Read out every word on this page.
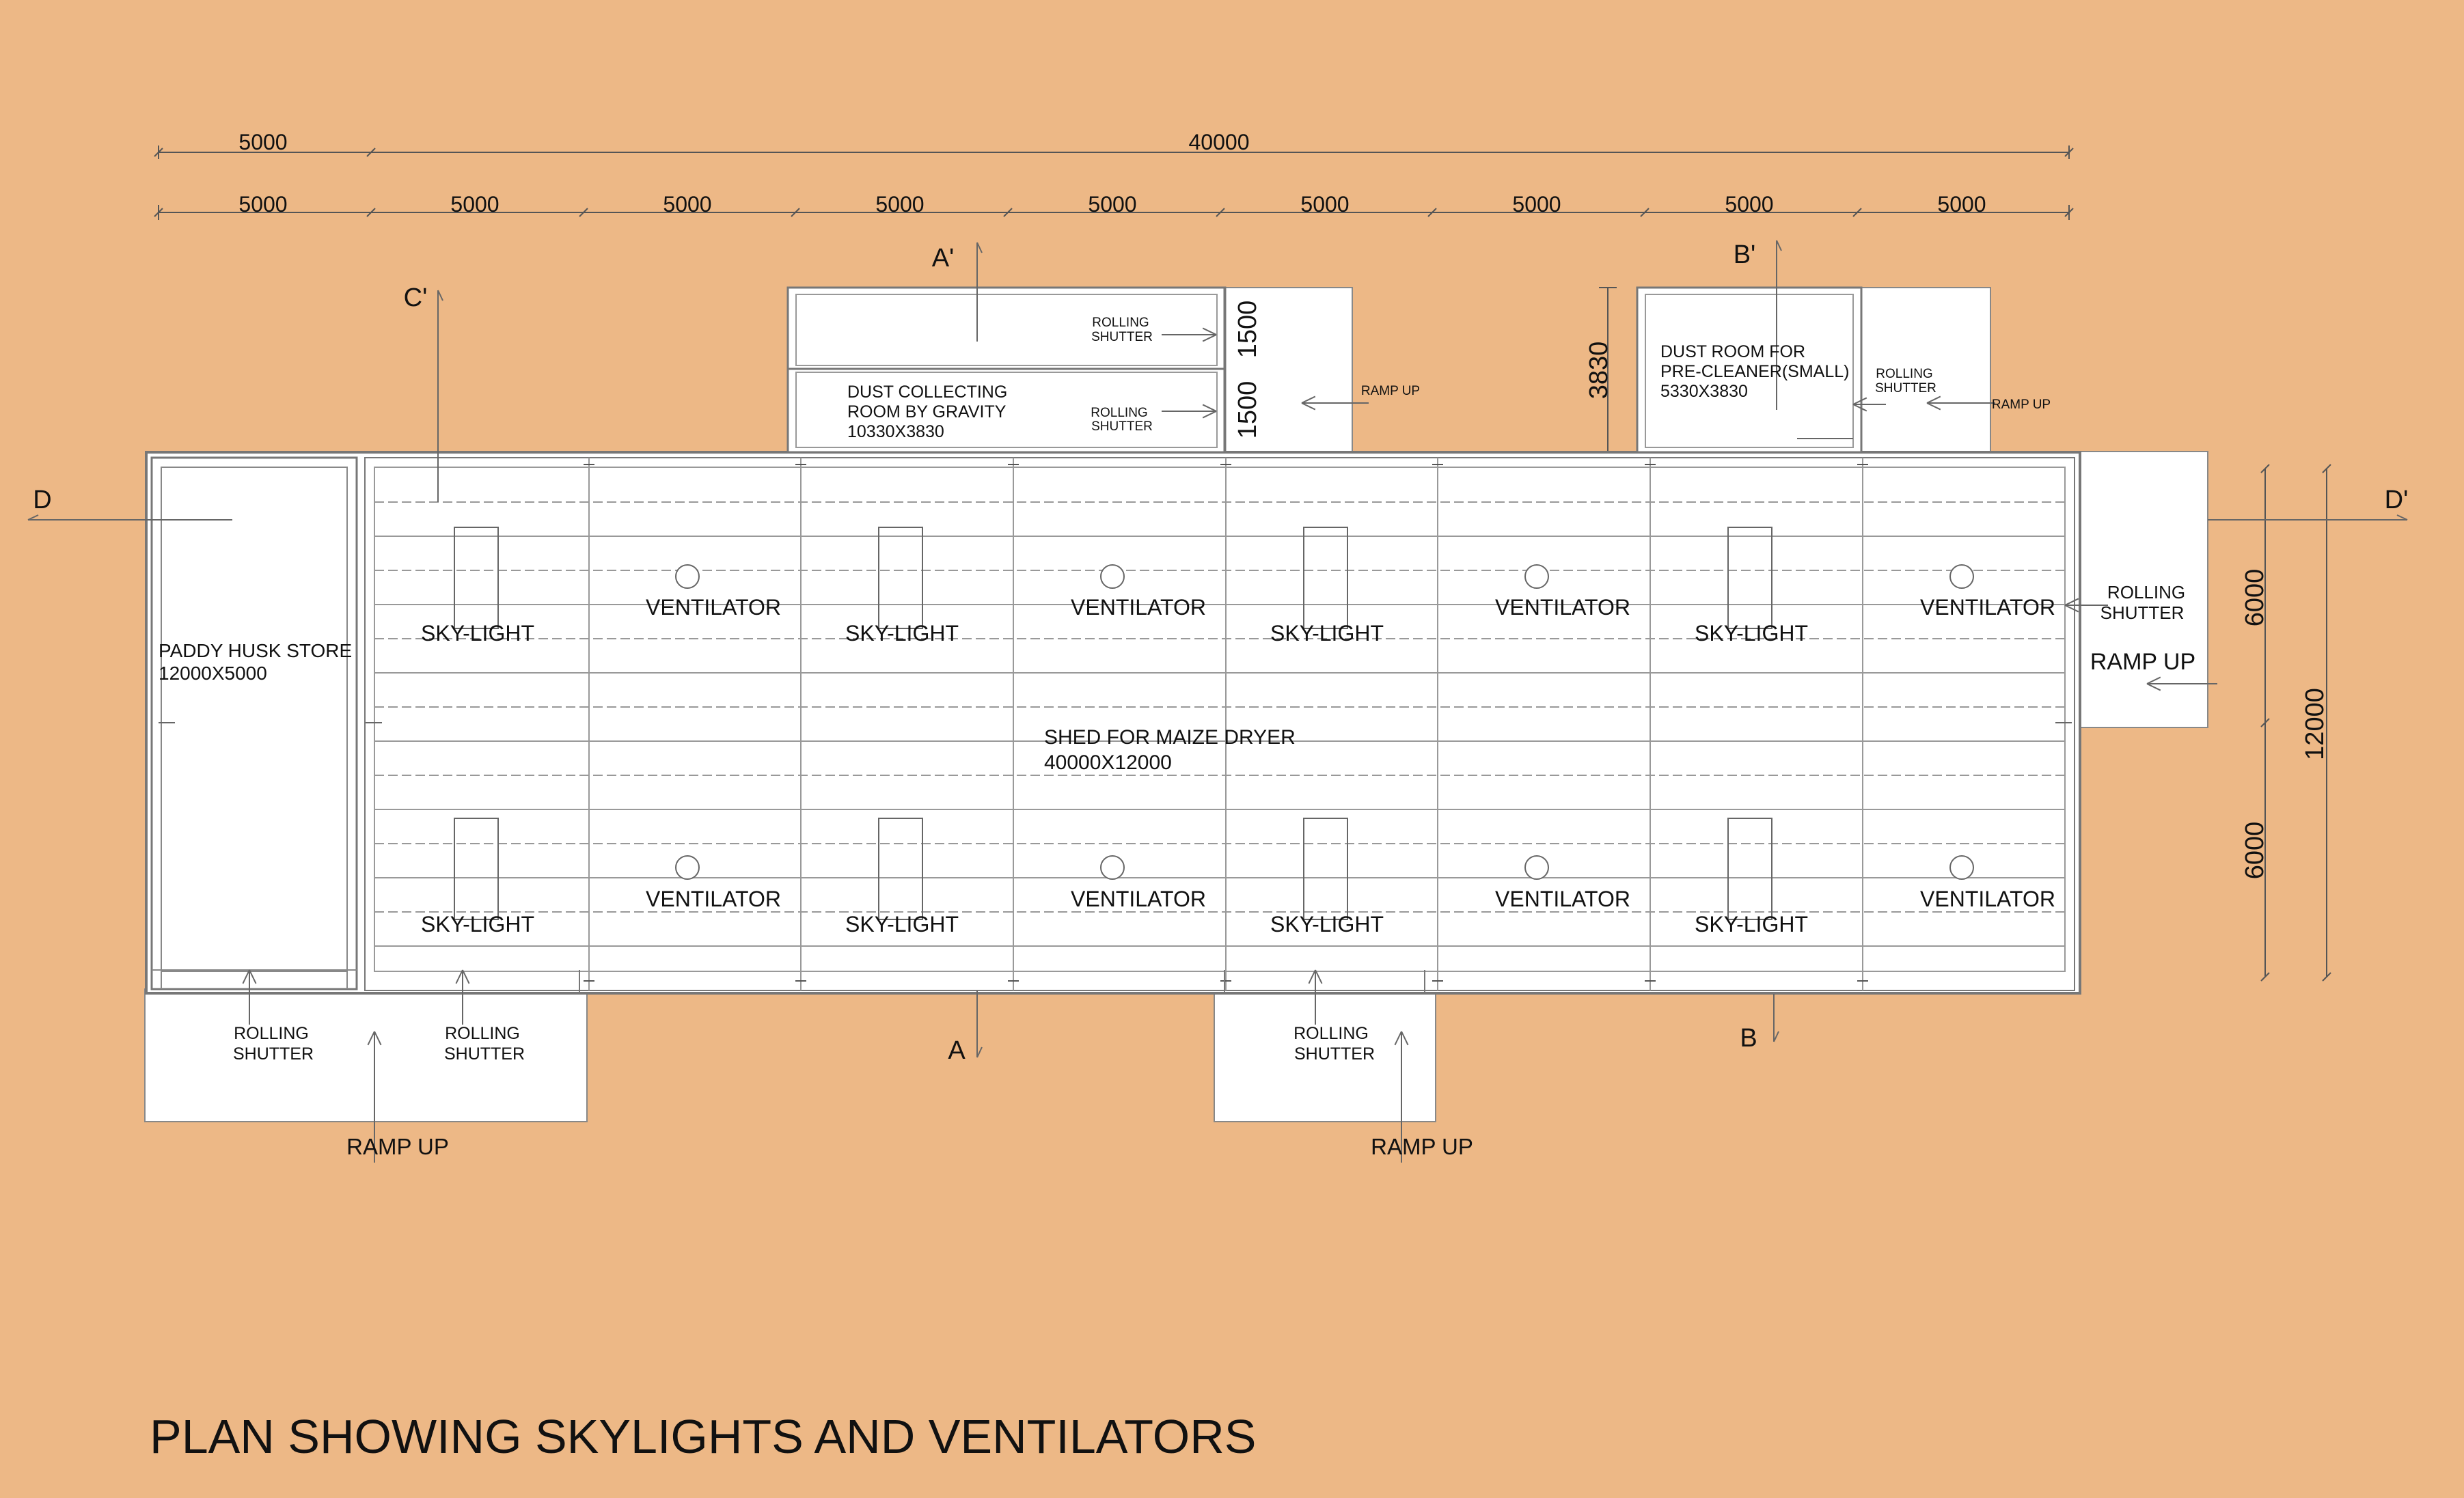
SKY-LIGHT	SKY-LIGHT	SKY-LIGHT	SKY-LIGHT
SKY-LIGHT	SKY-LIGHT	SKY-LIGHT	SKY-LIGHT
VENTILATOR	VENTILATOR	VENTILATOR	VENTILATOR
VENTILATOR	VENTILATOR	VENTILATOR	VENTILATOR
5000	40000
5000	5000	5000	5000	5000	5000	5000	5000	5000
6000
6000
12000
3830
1500
1500
A'
A
B'
B
C'
D	D'
PADDY HUSK STORE
12000X5000
SHED FOR MAIZE DRYER
40000X12000
DUST COLLECTING
ROOM BY GRAVITY
10330X3830
DUST ROOM FOR
PRE-CLEANER(SMALL)
5330X3830
ROLLING
SHUTTER
ROLLING
SHUTTER
RAMP UP
ROLLING
SHUTTER
RAMP UP
ROLLING
SHUTTER
RAMP UP
ROLLING
SHUTTER
ROLLING
SHUTTER
RAMP UP
ROLLING
SHUTTER
RAMP UP
PLAN SHOWING SKYLIGHTS AND VENTILATORS
